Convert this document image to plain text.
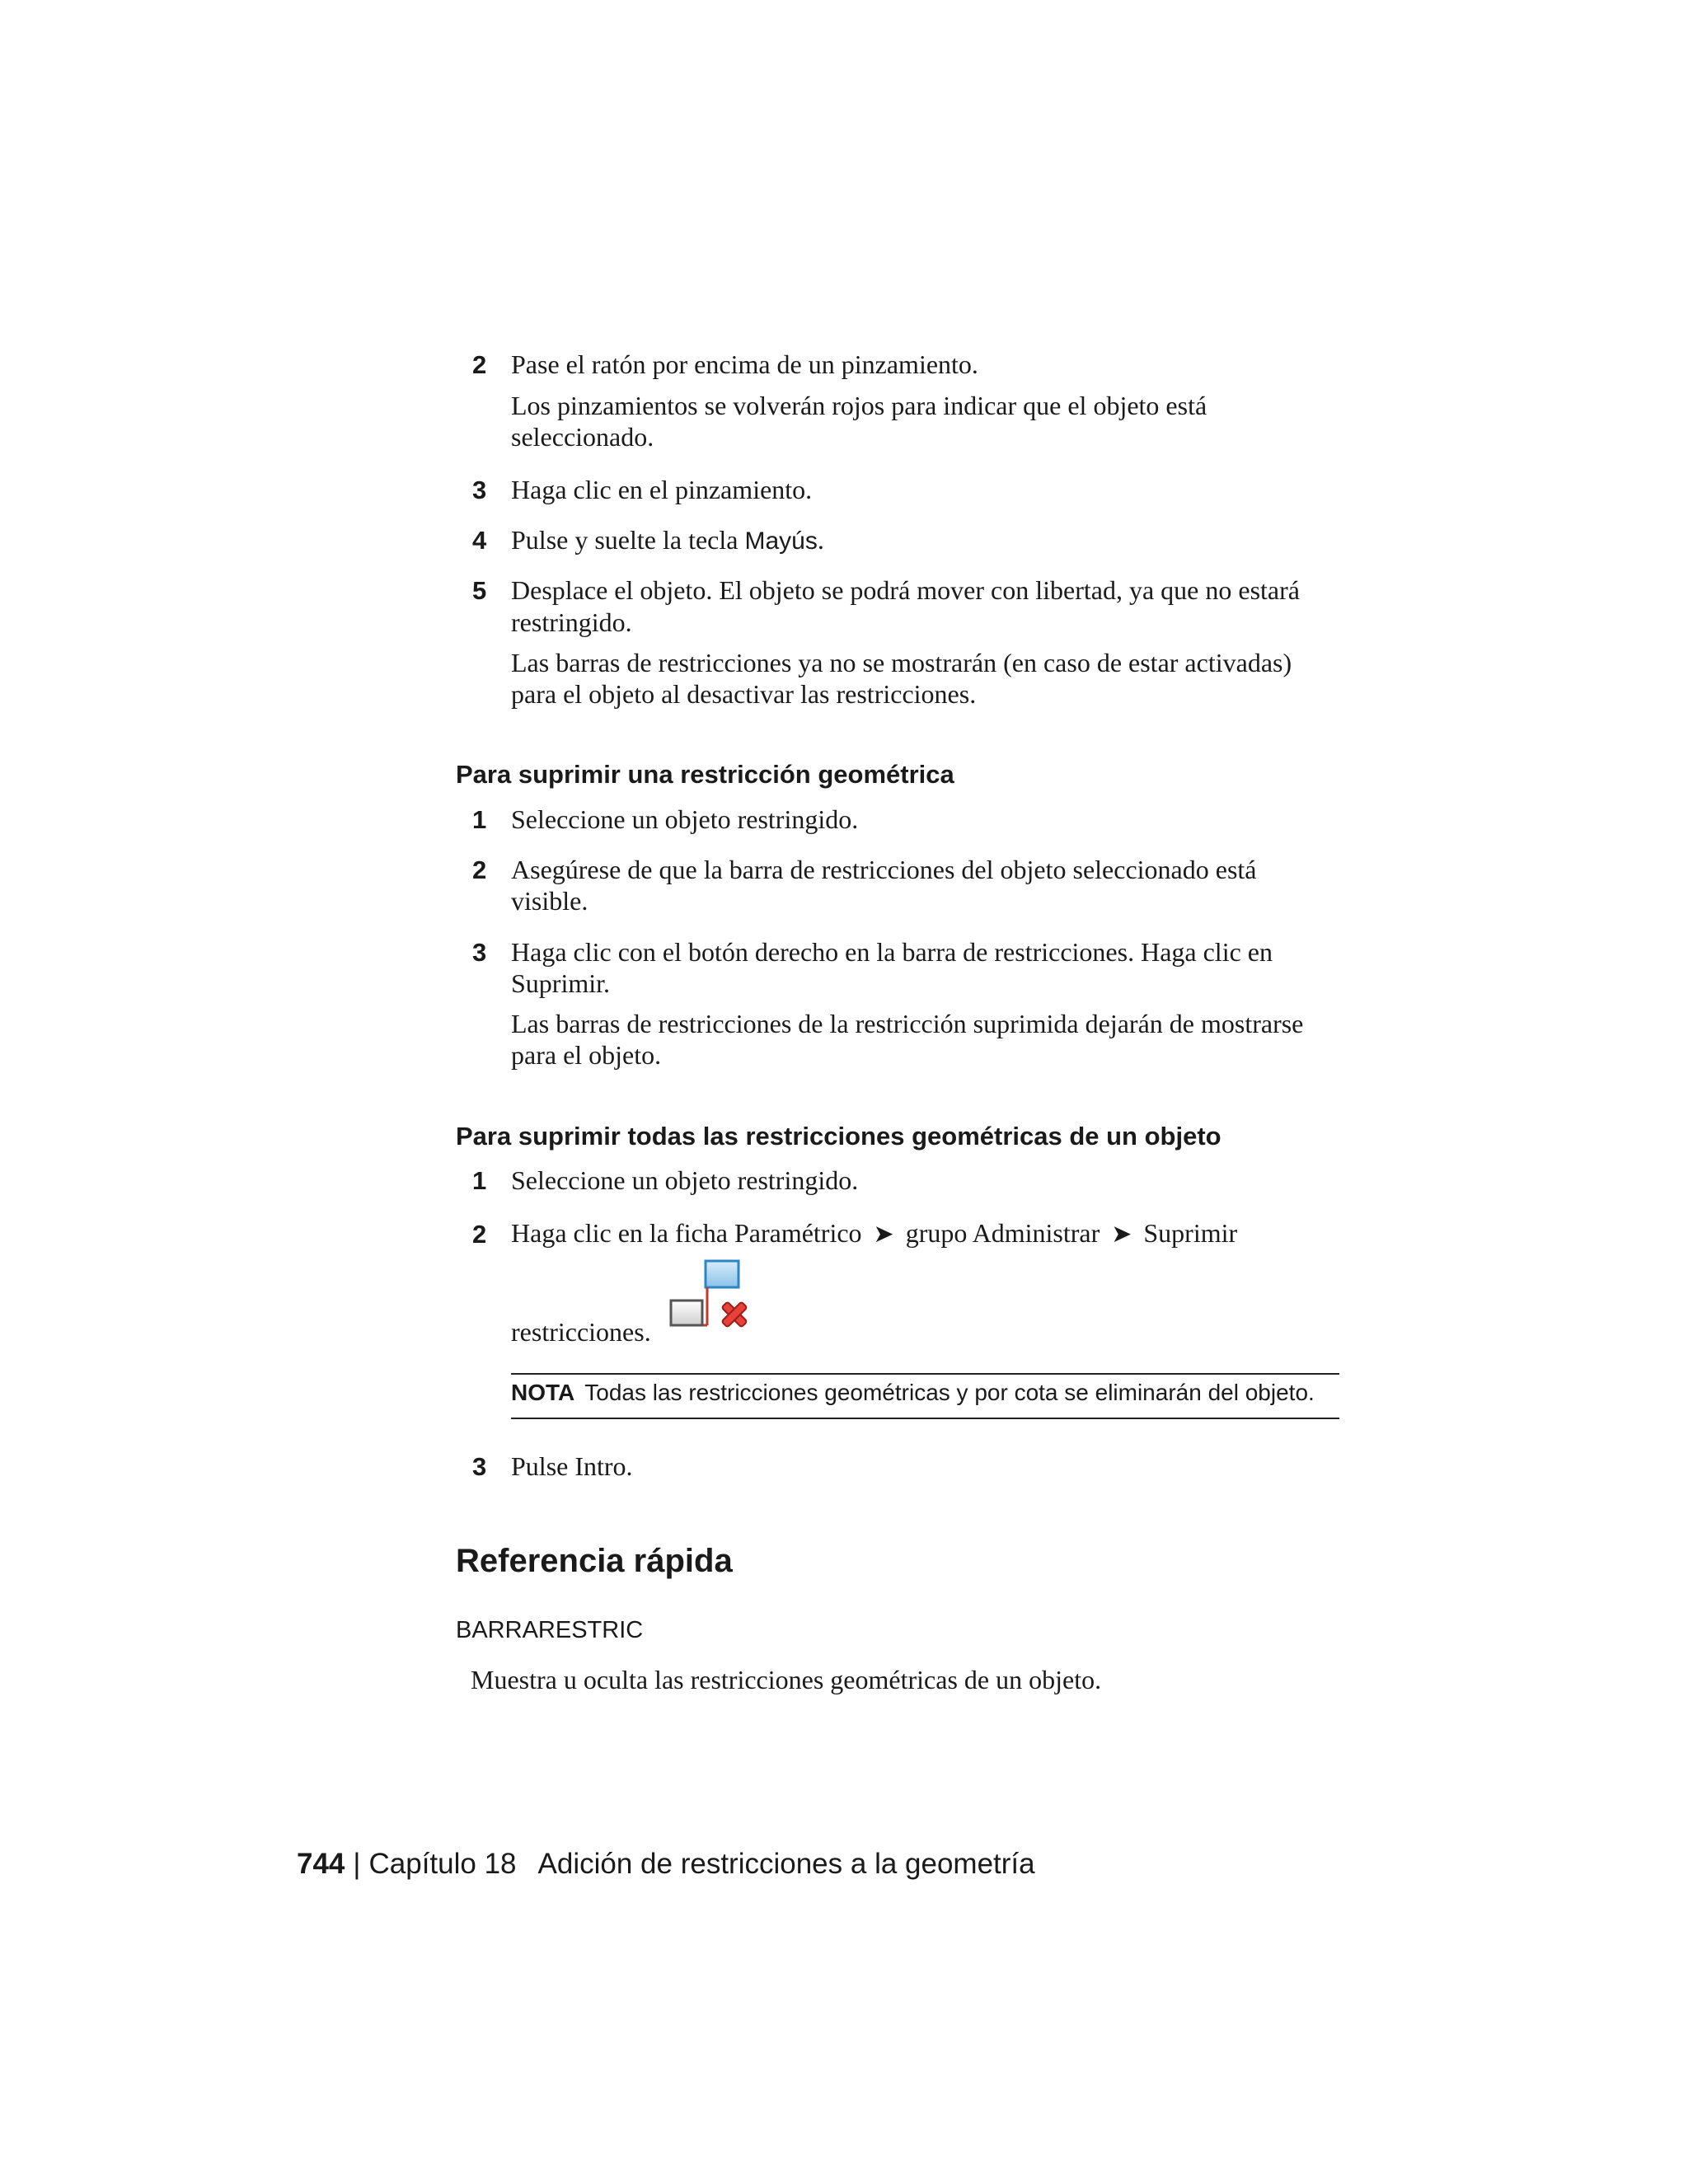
2 Pase el ratón por encima de un pinzamiento.
Los pinzamientos se volverán rojos para indicar que el objeto está
seleccionado.
3 Haga clic en el pinzamiento.
4 Pulse y suelte la tecla Mayús.
5 Desplace el objeto. El objeto se podrá mover con libertad, ya que no estará
restringido.
Las barras de restricciones ya no se mostrarán (en caso de estar activadas)
para el objeto al desactivar las restricciones.
Para suprimir una restricción geométrica
1 Seleccione un objeto restringido.
2 Asegúrese de que la barra de restricciones del objeto seleccionado está
visible.
3 Haga clic con el botón derecho en la barra de restricciones. Haga clic en
Suprimir.
Las barras de restricciones de la restricción suprimida dejarán de mostrarse
para el objeto.
Para suprimir todas las restricciones geométricas de un objeto
1 Seleccione un objeto restringido.
2 Haga clic en la ficha Paramétrico ➤ grupo Administrar ➤ Suprimir
restricciones.
NOTA Todas las restricciones geométricas y por cota se eliminarán del objeto.
3 Pulse Intro.
Referencia rápida
BARRARESTRIC
Muestra u oculta las restricciones geométricas de un objeto.
744 | Capítulo 18 Adición de restricciones a la geometría
